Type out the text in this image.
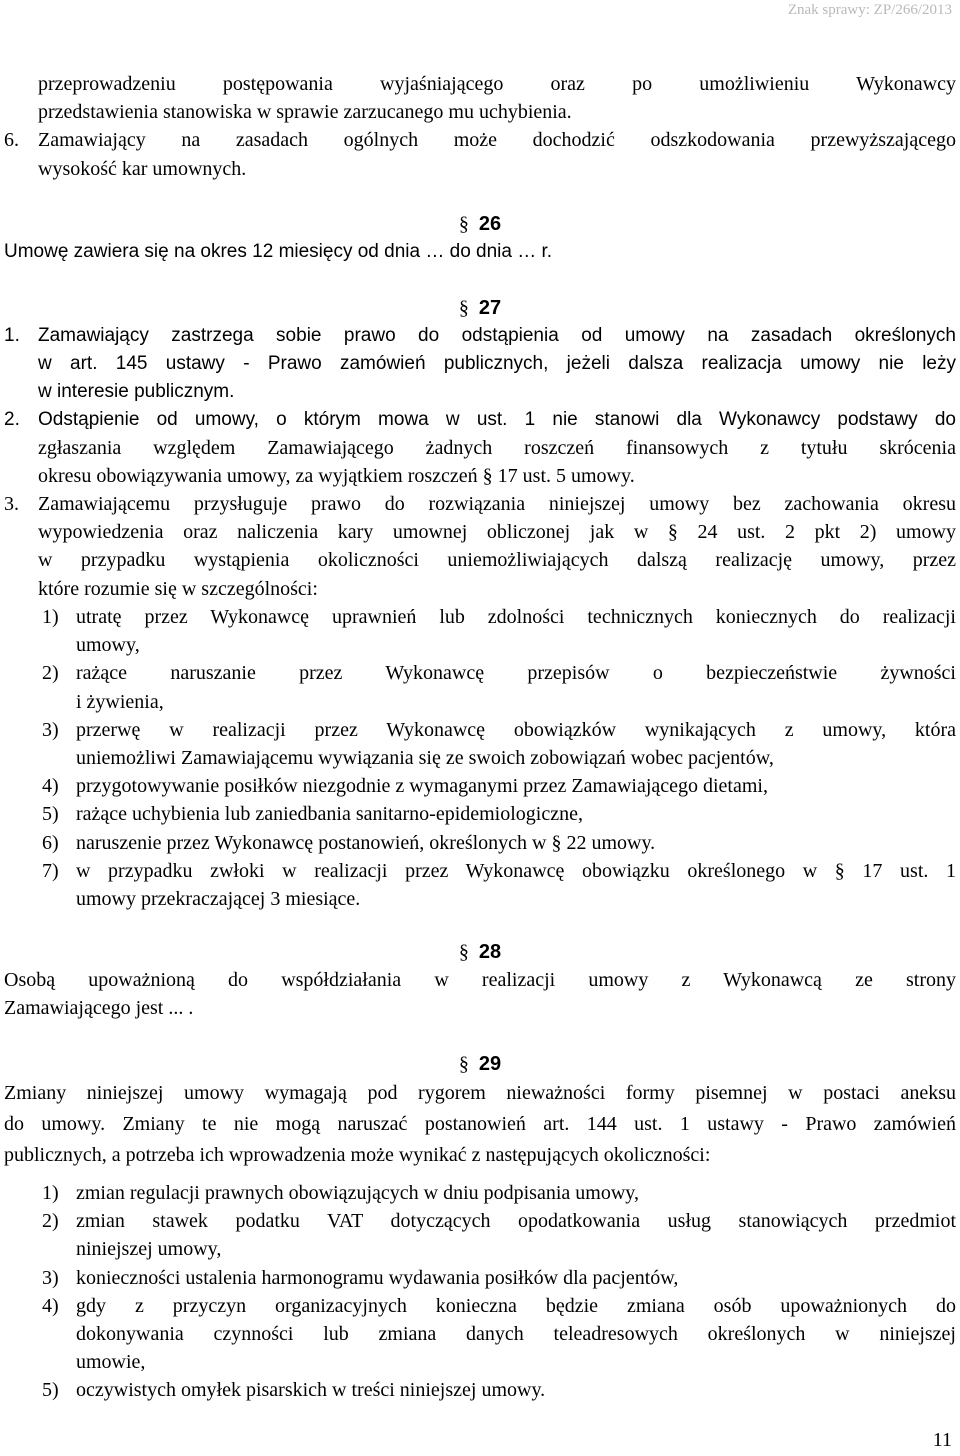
Znak sprawy: ZP/266/2013
przeprowadzeniu postępowania wyjaśniającego oraz po umożliwieniu Wykonawcy
przedstawienia stanowiska w sprawie zarzucanego mu uchybienia.
6. Zamawiający na zasadach ogólnych może dochodzić odszkodowania przewyższającego
wysokość kar umownych.
§ 26
Umowę zawiera się na okres 12 miesięcy od dnia … do dnia … r.
§ 27
1. Zamawiający zastrzega sobie prawo do odstąpienia od umowy na zasadach określonych
w art. 145 ustawy - Prawo zamówień publicznych, jeżeli dalsza realizacja umowy nie leży
w interesie publicznym.
2. Odstąpienie od umowy, o którym mowa w ust. 1 nie stanowi dla Wykonawcy podstawy do
zgłaszania względem Zamawiającego żadnych roszczeń finansowych z tytułu skrócenia
okresu obowiązywania umowy, za wyjątkiem roszczeń § 17 ust. 5 umowy.
3. Zamawiającemu przysługuje prawo do rozwiązania niniejszej umowy bez zachowania okresu
wypowiedzenia oraz naliczenia kary umownej obliczonej jak w § 24 ust. 2 pkt 2) umowy
w przypadku wystąpienia okoliczności uniemożliwiających dalszą realizację umowy, przez
które rozumie się w szczególności:
1) utratę przez Wykonawcę uprawnień lub zdolności technicznych koniecznych do realizacji
umowy,
2) rażące naruszanie przez Wykonawcę przepisów o bezpieczeństwie żywności
i żywienia,
3) przerwę w realizacji przez Wykonawcę obowiązków wynikających z umowy, która
uniemożliwi Zamawiającemu wywiązania się ze swoich zobowiązań wobec pacjentów,
4) przygotowywanie posiłków niezgodnie z wymaganymi przez Zamawiającego dietami,
5) rażące uchybienia lub zaniedbania sanitarno-epidemiologiczne,
6) naruszenie przez Wykonawcę postanowień, określonych w § 22 umowy.
7) w przypadku zwłoki w realizacji przez Wykonawcę obowiązku określonego w § 17 ust. 1
umowy przekraczającej 3 miesiące.
§ 28
Osobą upoważnioną do współdziałania w realizacji umowy z Wykonawcą ze strony
Zamawiającego jest ... .
§ 29
Zmiany niniejszej umowy wymagają pod rygorem nieważności formy pisemnej w postaci aneksu
do umowy. Zmiany te nie mogą naruszać postanowień art. 144 ust. 1 ustawy - Prawo zamówień
publicznych, a potrzeba ich wprowadzenia może wynikać z następujących okoliczności:
1) zmian regulacji prawnych obowiązujących w dniu podpisania umowy,
2) zmian stawek podatku VAT dotyczących opodatkowania usług stanowiących przedmiot
niniejszej umowy,
3) konieczności ustalenia harmonogramu wydawania posiłków dla pacjentów,
4) gdy z przyczyn organizacyjnych konieczna będzie zmiana osób upoważnionych do
dokonywania czynności lub zmiana danych teleadresowych określonych w niniejszej
umowie,
5) oczywistych omyłek pisarskich w treści niniejszej umowy.
11
